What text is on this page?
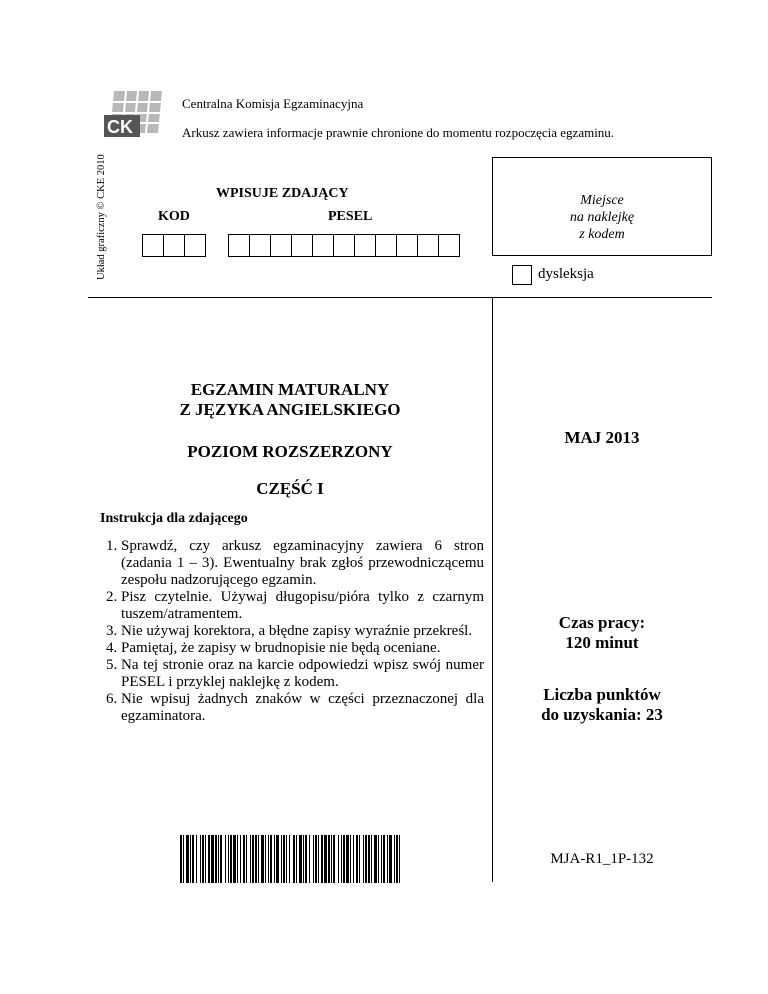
CK
Układ graficzny © CKE 2010
Centralna Komisja Egzaminacyjna
Arkusz zawiera informacje prawnie chronione do momentu rozpoczęcia egzaminu.
WPISUJE ZDAJĄCY
KOD	PESEL
Miejsce
na naklejkę
z kodem
dysleksja
EGZAMIN MATURALNY
Z JĘZYKA ANGIELSKIEGO
POZIOM ROZSZERZONY
CZĘŚĆ I
MAJ 2013
Instrukcja dla zdającego
1. Sprawdź, czy arkusz egzaminacyjny zawiera 6 stron (zadania 1 – 3). Ewentualny brak zgłoś przewodniczącemu zespołu nadzorującego egzamin.
2. Pisz czytelnie. Używaj długopisu/pióra tylko z czarnym tuszem/atramentem.
3. Nie używaj korektora, a błędne zapisy wyraźnie przekreśl.
4. Pamiętaj, że zapisy w brudnopisie nie będą oceniane.
5. Na tej stronie oraz na karcie odpowiedzi wpisz swój numer PESEL i przyklej naklejkę z kodem.
6. Nie wpisuj żadnych znaków w części przeznaczonej dla egzaminatora.
Czas pracy:
120 minut
Liczba punktów
do uzyskania: 23
MJA-R1_1P-132
